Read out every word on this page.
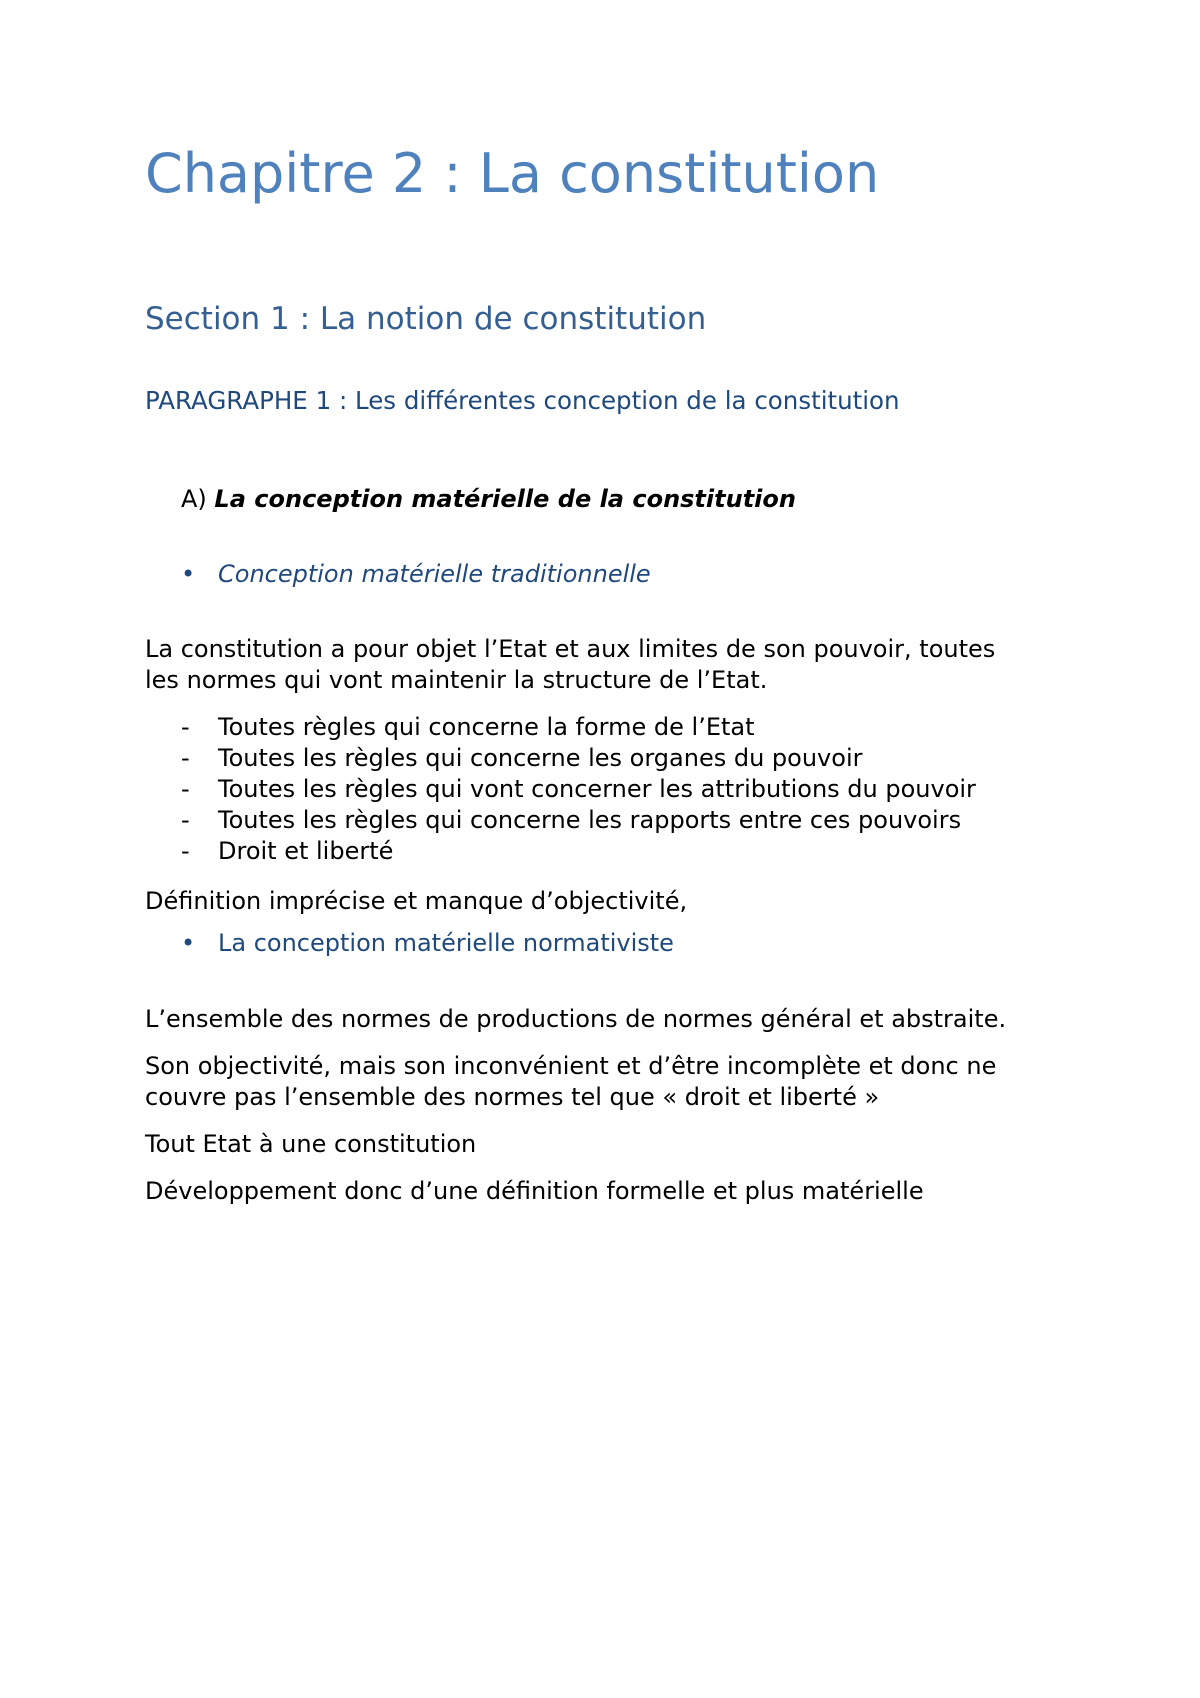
Chapitre 2 : La constitution
Section 1 : La notion de constitution
PARAGRAPHE 1 : Les différentes conception de la constitution
A) La conception matérielle de la constitution
• Conception matérielle traditionnelle
La constitution a pour objet l’Etat et aux limites de son pouvoir, toutes
les normes qui vont maintenir la structure de l’Etat.
- Toutes règles qui concerne la forme de l’Etat
- Toutes les règles qui concerne les organes du pouvoir
- Toutes les règles qui vont concerner les attributions du pouvoir
- Toutes les règles qui concerne les rapports entre ces pouvoirs
- Droit et liberté
Définition imprécise et manque d’objectivité,
• La conception matérielle normativiste
L’ensemble des normes de productions de normes général et abstraite.
Son objectivité, mais son inconvénient et d’être incomplète et donc ne
couvre pas l’ensemble des normes tel que « droit et liberté »
Tout Etat à une constitution
Développement donc d’une définition formelle et plus matérielle
